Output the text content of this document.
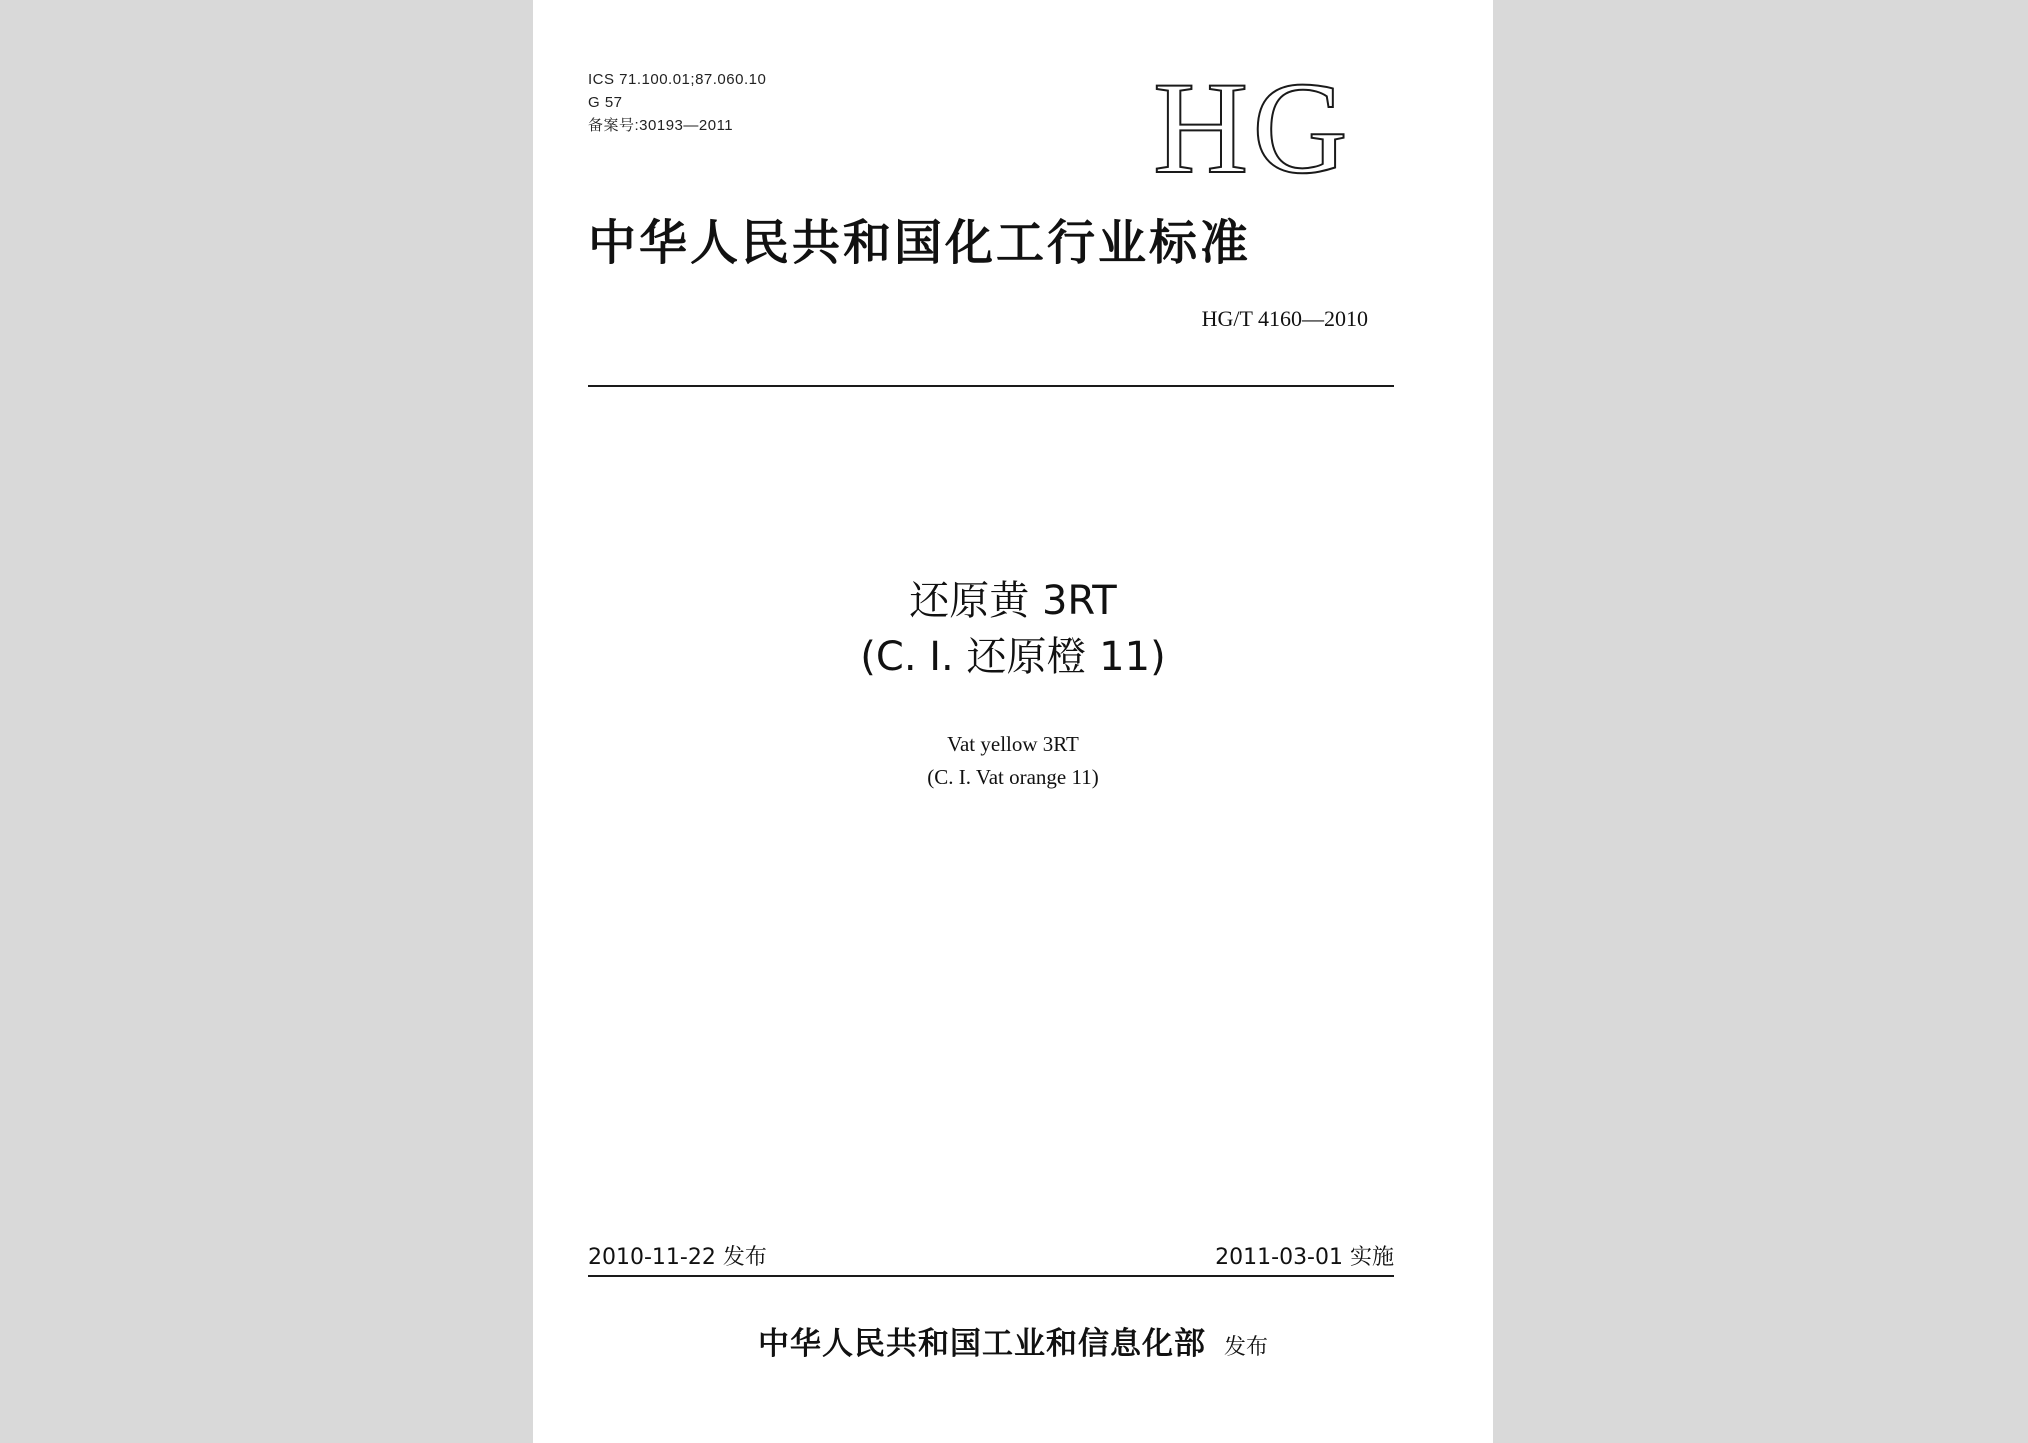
ICS 71.100.01;87.060.10
G 57
备案号:30193—2011	HG
中华人民共和国化工行业标准
HG/T 4160—2010
还原黄 3RT
(C. I. 还原橙 11)
Vat yellow 3RT
(C. I. Vat orange 11)
2010-11-22 发布	2011-03-01 实施
中华人民共和国工业和信息化部 发布
